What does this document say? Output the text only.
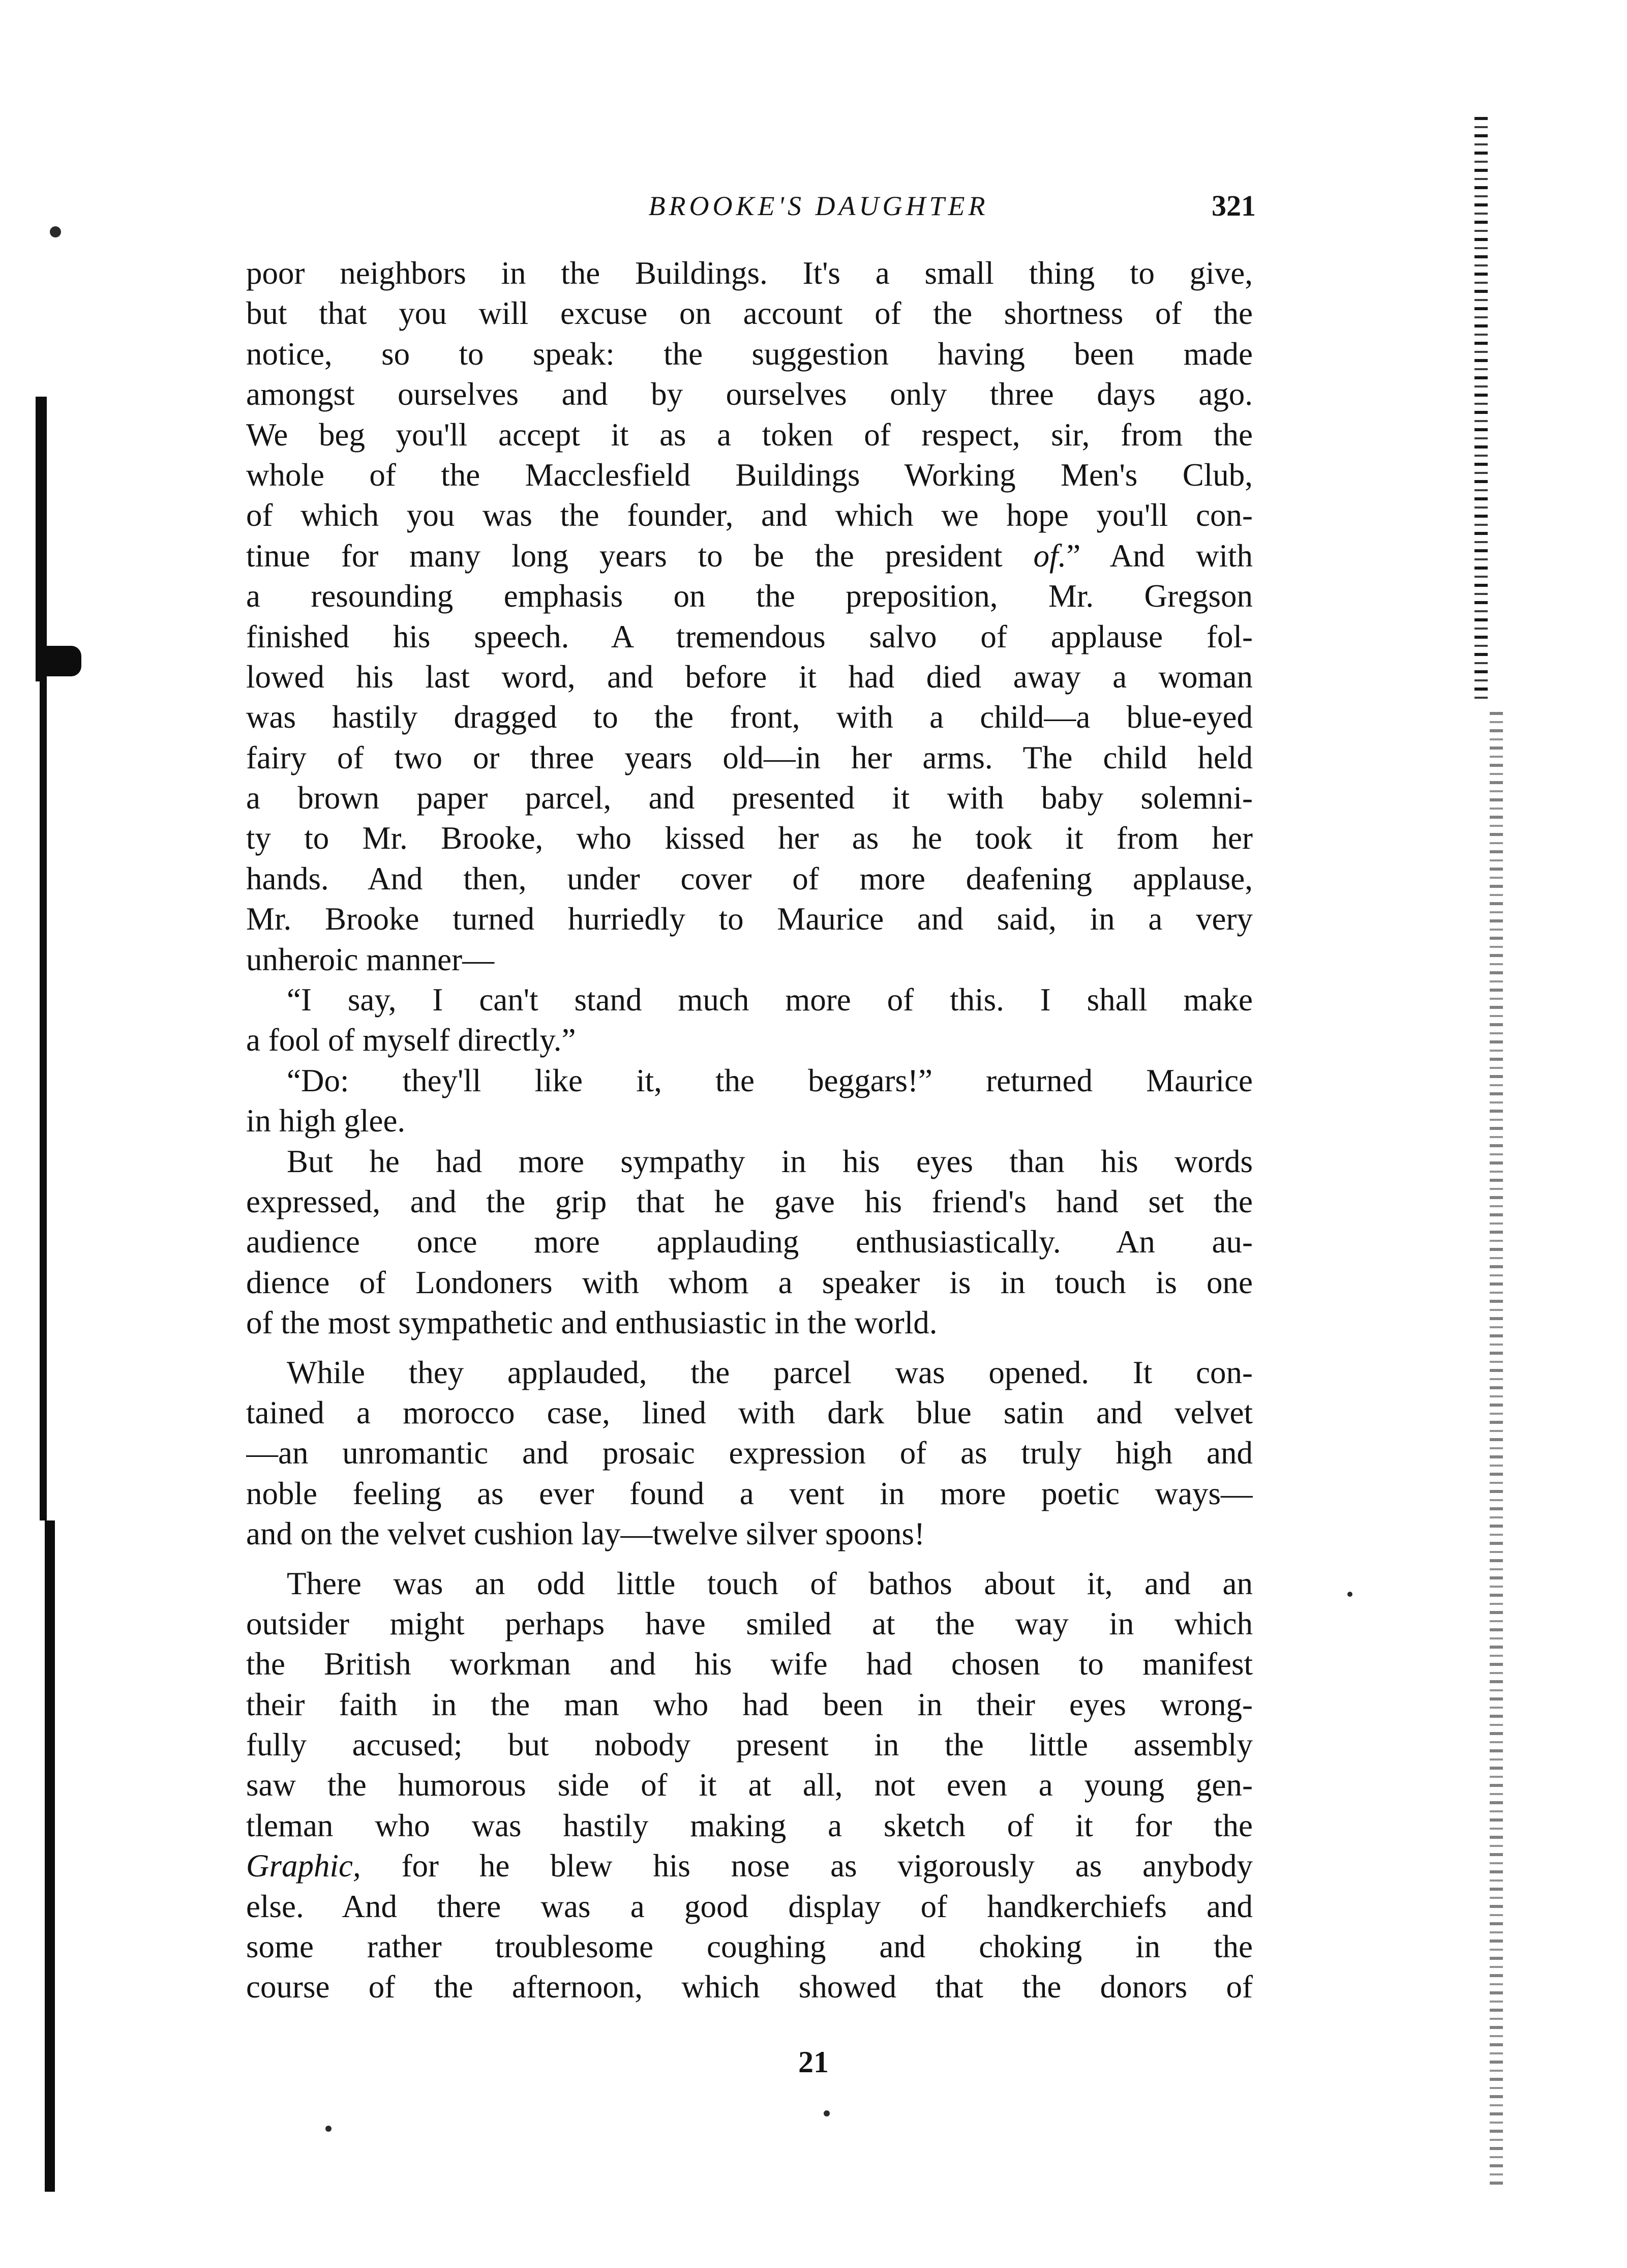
BROOKE'S DAUGHTER	321
poor neighbors in the Buildings. It's a small thing to give,
but that you will excuse on account of the shortness of the
notice, so to speak: the suggestion having been made
amongst ourselves and by ourselves only three days ago.
We beg you'll accept it as a token of respect, sir, from the
whole of the Macclesfield Buildings Working Men's Club,
of which you was the founder, and which we hope you'll con-
tinue for many long years to be the president of.” And with
a resounding emphasis on the preposition, Mr. Gregson
finished his speech. A tremendous salvo of applause fol-
lowed his last word, and before it had died away a woman
was hastily dragged to the front, with a child—a blue-eyed
fairy of two or three years old—in her arms. The child held
a brown paper parcel, and presented it with baby solemni-
ty to Mr. Brooke, who kissed her as he took it from her
hands. And then, under cover of more deafening applause,
Mr. Brooke turned hurriedly to Maurice and said, in a very
unheroic manner—
“I say, I can't stand much more of this. I shall make
a fool of myself directly.”
“Do: they'll like it, the beggars!” returned Maurice
in high glee.
But he had more sympathy in his eyes than his words
expressed, and the grip that he gave his friend's hand set the
audience once more applauding enthusiastically. An au-
dience of Londoners with whom a speaker is in touch is one
of the most sympathetic and enthusiastic in the world.
While they applauded, the parcel was opened. It con-
tained a morocco case, lined with dark blue satin and velvet
—an unromantic and prosaic expression of as truly high and
noble feeling as ever found a vent in more poetic ways—
and on the velvet cushion lay—twelve silver spoons!
There was an odd little touch of bathos about it, and an
outsider might perhaps have smiled at the way in which
the British workman and his wife had chosen to manifest
their faith in the man who had been in their eyes wrong-
fully accused; but nobody present in the little assembly
saw the humorous side of it at all, not even a young gen-
tleman who was hastily making a sketch of it for the
Graphic, for he blew his nose as vigorously as anybody
else. And there was a good display of handkerchiefs and
some rather troublesome coughing and choking in the
course of the afternoon, which showed that the donors of
21
